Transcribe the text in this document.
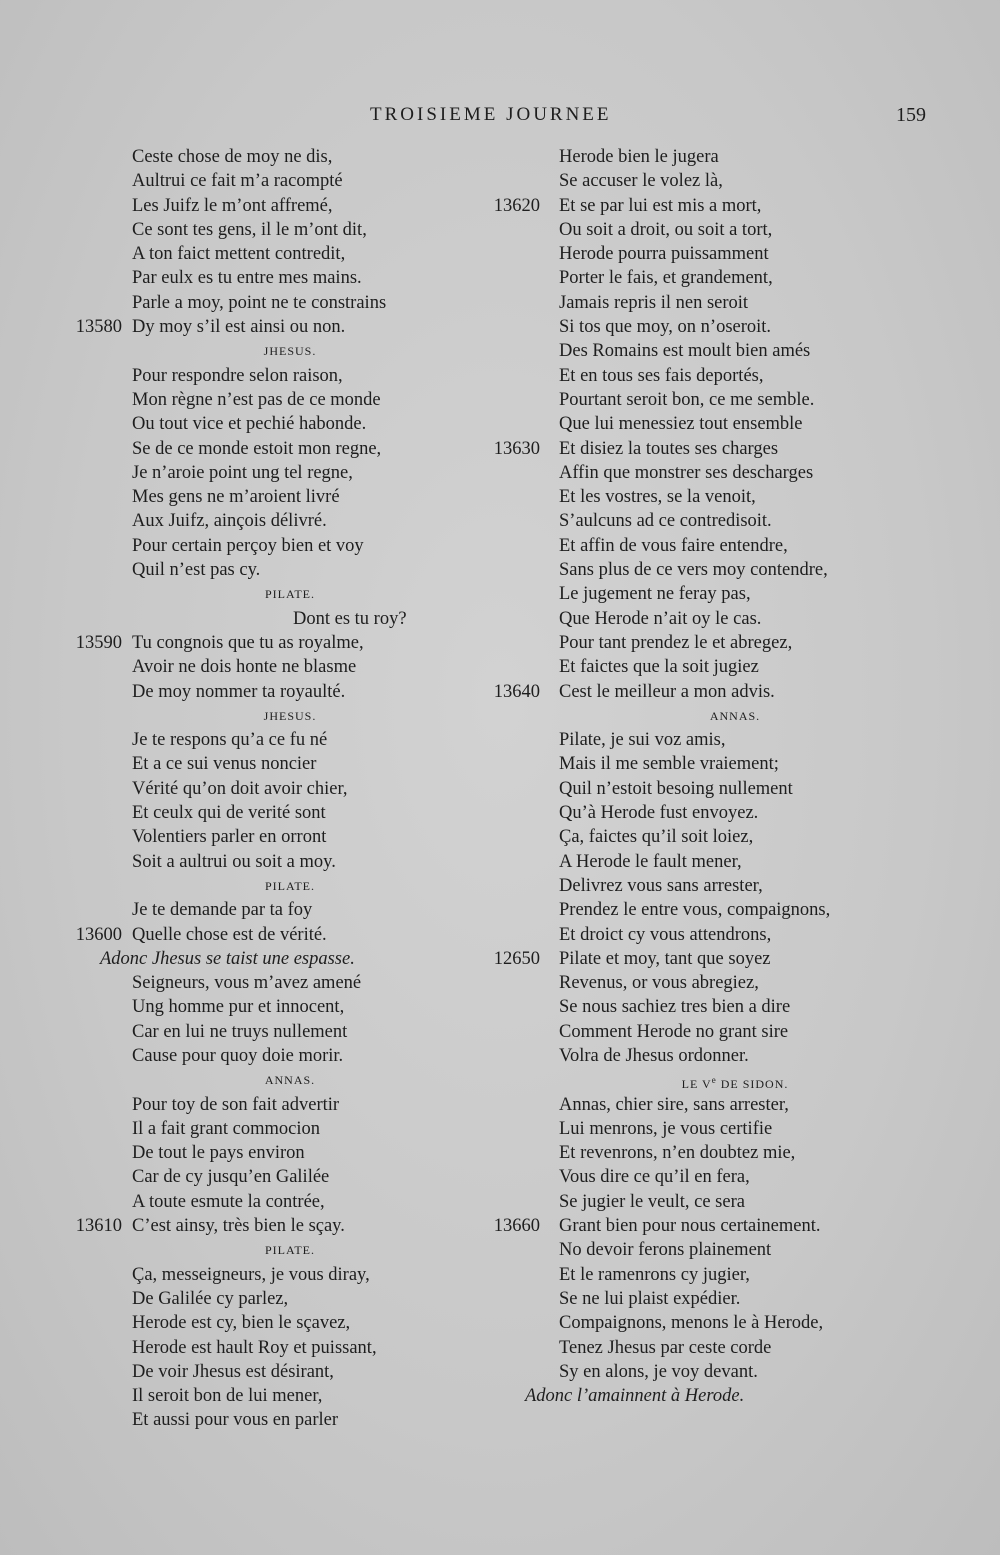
TROISIEME JOURNEE	159
Ceste chose de moy ne dis,
Aultrui ce fait m’a racompté
Les Juifz le m’ont affremé,
Ce sont tes gens, il le m’ont dit,
A ton faict mettent contredit,
Par eulx es tu entre mes mains.
Parle a moy, point ne te constrains
13580 Dy moy s’il est ainsi ou non.
JHESUS.
Pour respondre selon raison,
Mon règne n’est pas de ce monde
Ou tout vice et pechié habonde.
Se de ce monde estoit mon regne,
Je n’aroie point ung tel regne,
Mes gens ne m’aroient livré
Aux Juifz, ainçois délivré.
Pour certain perçoy bien et voy
Quil n’est pas cy.
PILATE.
Dont es tu roy?
13590 Tu congnois que tu as royalme,
Avoir ne dois honte ne blasme
De moy nommer ta royaulté.
JHESUS.
Je te respons qu’a ce fu né
Et a ce sui venus noncier
Vérité qu’on doit avoir chier,
Et ceulx qui de verité sont
Volentiers parler en orront
Soit a aultrui ou soit a moy.
PILATE.
Je te demande par ta foy
13600 Quelle chose est de vérité.
Adonc Jhesus se taist une espasse.
Seigneurs, vous m’avez amené
Ung homme pur et innocent,
Car en lui ne truys nullement
Cause pour quoy doie morir.
ANNAS.
Pour toy de son fait advertir
Il a fait grant commocion
De tout le pays environ
Car de cy jusqu’en Galilée
A toute esmute la contrée,
13610 C’est ainsy, très bien le sçay.
PILATE.
Ça, messeigneurs, je vous diray,
De Galilée cy parlez,
Herode est cy, bien le sçavez,
Herode est hault Roy et puissant,
De voir Jhesus est désirant,
Il seroit bon de lui mener,
Et aussi pour vous en parler
Herode bien le jugera
Se accuser le volez là,
13620 Et se par lui est mis a mort,
Ou soit a droit, ou soit a tort,
Herode pourra puissamment
Porter le fais, et grandement,
Jamais repris il nen seroit
Si tos que moy, on n’oseroit.
Des Romains est moult bien amés
Et en tous ses fais deportés,
Pourtant seroit bon, ce me semble.
Que lui menessiez tout ensemble
13630 Et disiez la toutes ses charges
Affin que monstrer ses descharges
Et les vostres, se la venoit,
S’aulcuns ad ce contredisoit.
Et affin de vous faire entendre,
Sans plus de ce vers moy contendre,
Le jugement ne feray pas,
Que Herode n’ait oy le cas.
Pour tant prendez le et abregez,
Et faictes que la soit jugiez
13640 Cest le meilleur a mon advis.
ANNAS.
Pilate, je sui voz amis,
Mais il me semble vraiement;
Quil n’estoit besoing nullement
Qu’à Herode fust envoyez.
Ça, faictes qu’il soit loiez,
A Herode le fault mener,
Delivrez vous sans arrester,
Prendez le entre vous, compaignons,
Et droict cy vous attendrons,
12650 Pilate et moy, tant que soyez
Revenus, or vous abregiez,
Se nous sachiez tres bien a dire
Comment Herode no grant sire
Volra de Jhesus ordonner.
LE Ve DE SIDON.
Annas, chier sire, sans arrester,
Lui menrons, je vous certifie
Et revenrons, n’en doubtez mie,
Vous dire ce qu’il en fera,
Se jugier le veult, ce sera
13660 Grant bien pour nous certainement.
No devoir ferons plainement
Et le ramenrons cy jugier,
Se ne lui plaist expédier.
Compaignons, menons le à Herode,
Tenez Jhesus par ceste corde
Sy en alons, je voy devant.
Adonc l’amainnent à Herode.
